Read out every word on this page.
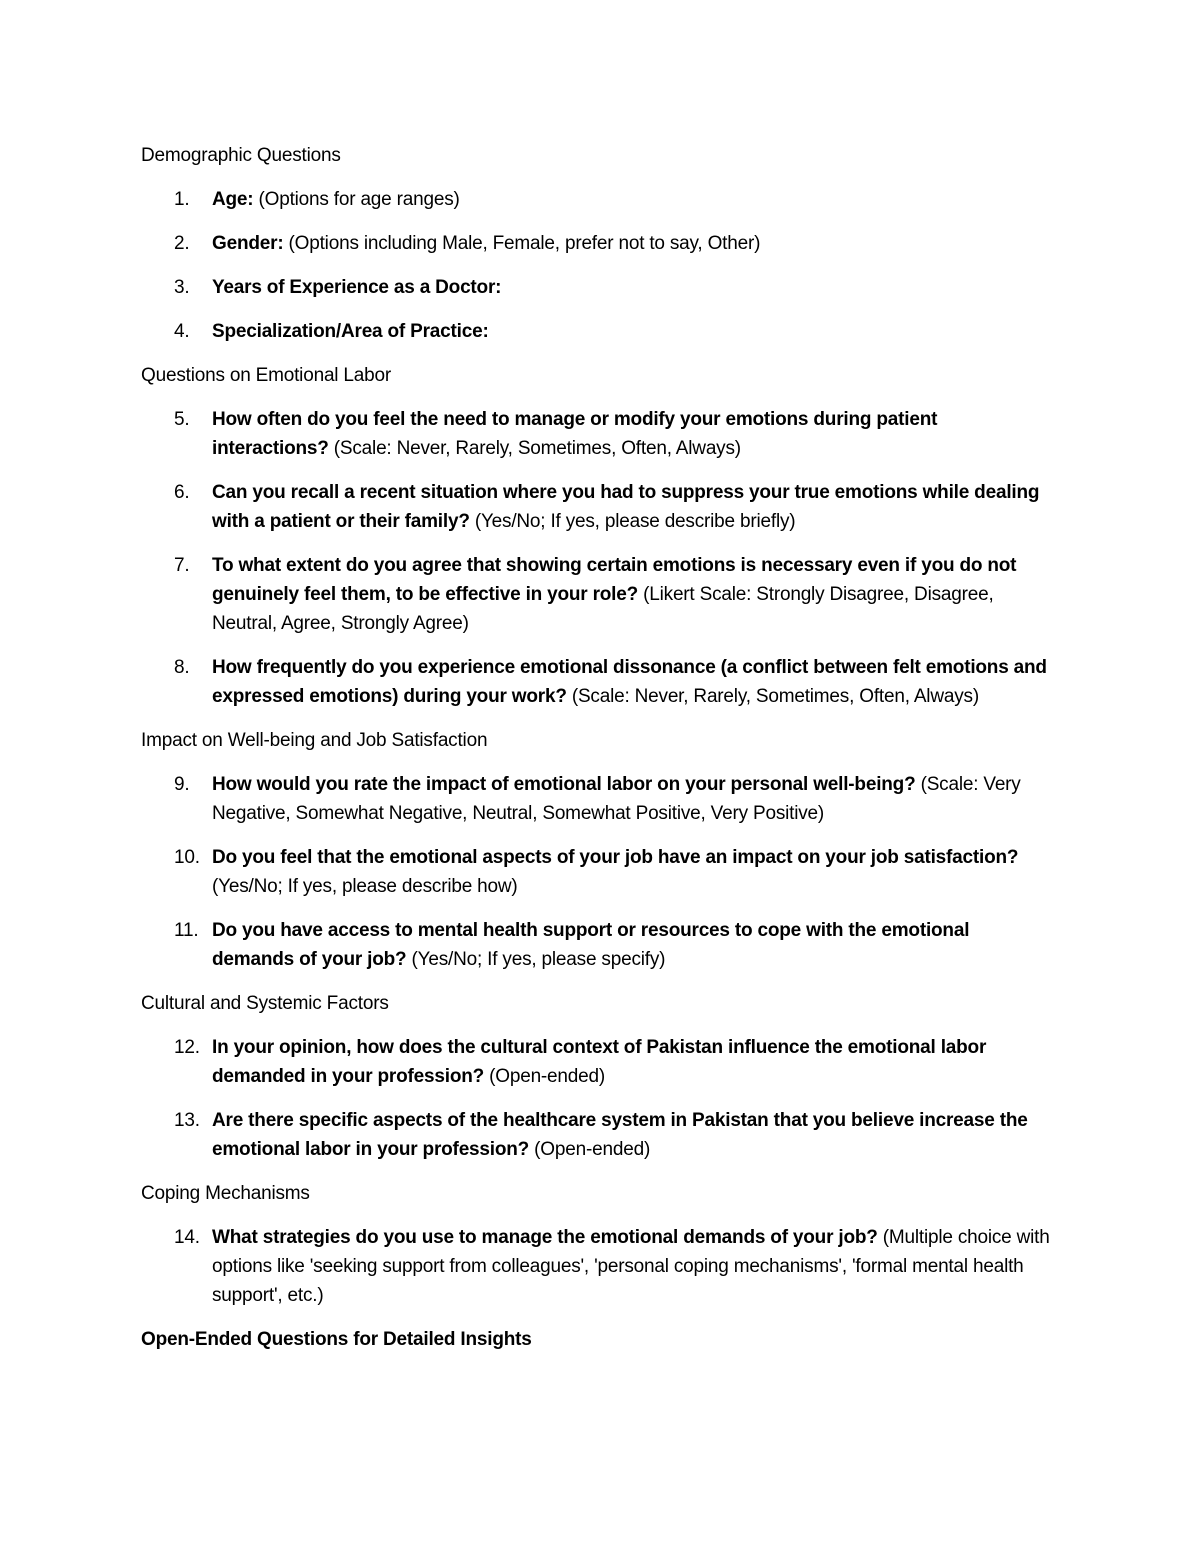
Demographic Questions
1.	Age: (Options for age ranges)
2.	Gender: (Options including Male, Female, prefer not to say, Other)
3.	Years of Experience as a Doctor:
4.	Specialization/Area of Practice:
Questions on Emotional Labor
5.	How often do you feel the need to manage or modify your emotions during patient interactions? (Scale: Never, Rarely, Sometimes, Often, Always)
6.	Can you recall a recent situation where you had to suppress your true emotions while dealing with a patient or their family? (Yes/No; If yes, please describe briefly)
7.	To what extent do you agree that showing certain emotions is necessary even if you do not genuinely feel them, to be effective in your role? (Likert Scale: Strongly Disagree, Disagree, Neutral, Agree, Strongly Agree)
8.	How frequently do you experience emotional dissonance (a conflict between felt emotions and expressed emotions) during your work? (Scale: Never, Rarely, Sometimes, Often, Always)
Impact on Well-being and Job Satisfaction
9.	How would you rate the impact of emotional labor on your personal well-being? (Scale: Very Negative, Somewhat Negative, Neutral, Somewhat Positive, Very Positive)
10. Do you feel that the emotional aspects of your job have an impact on your job satisfaction? (Yes/No; If yes, please describe how)
11. Do you have access to mental health support or resources to cope with the emotional demands of your job? (Yes/No; If yes, please specify)
Cultural and Systemic Factors
12. In your opinion, how does the cultural context of Pakistan influence the emotional labor demanded in your profession? (Open-ended)
13. Are there specific aspects of the healthcare system in Pakistan that you believe increase the emotional labor in your profession? (Open-ended)
Coping Mechanisms
14. What strategies do you use to manage the emotional demands of your job? (Multiple choice with options like 'seeking support from colleagues', 'personal coping mechanisms', 'formal mental health support', etc.)
Open-Ended Questions for Detailed Insights
